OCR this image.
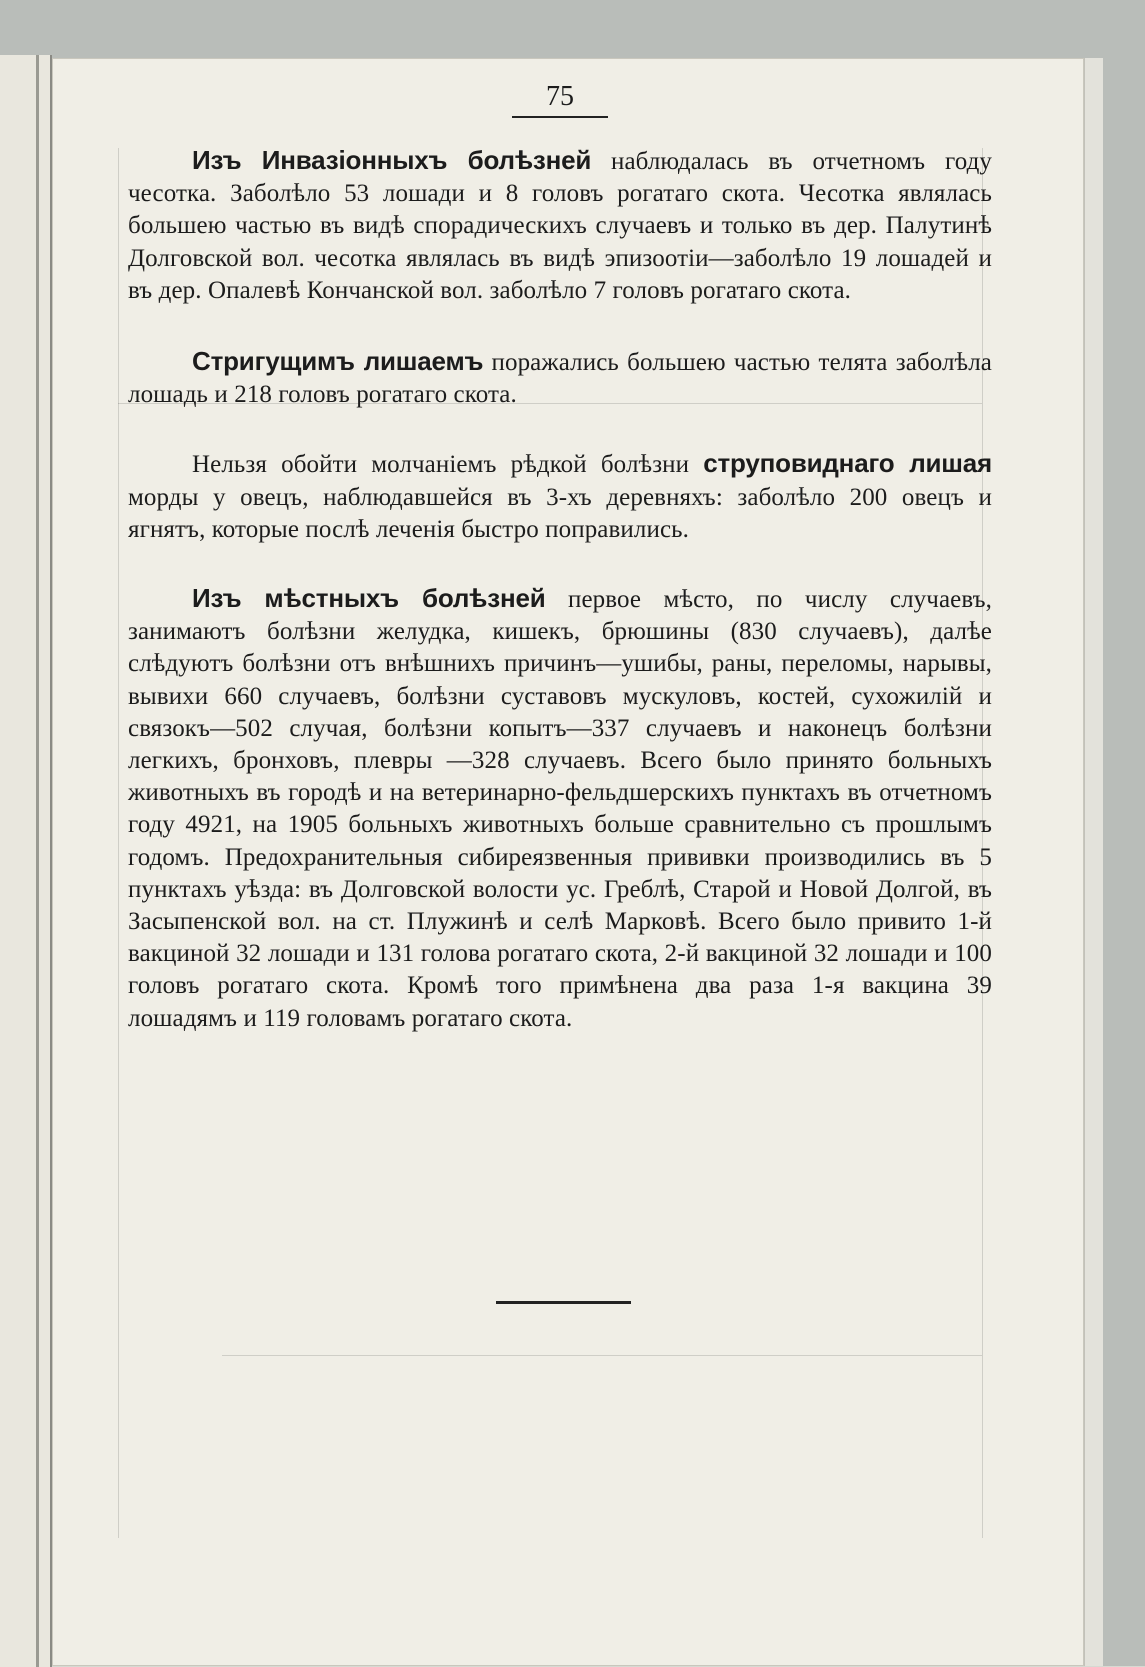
75

Изъ Инвазіонныхъ болѣзней наблюдалась въ отчетномъ году чесотка. Заболѣло 53 лошади и 8 головъ рогатаго скота. Чесотка являлась большею частью въ видѣ спорадическихъ случаевъ и только въ дер. Палутинѣ Долговской вол. чесотка являлась въ видѣ эпизоотіи—заболѣло 19 лошадей и въ дер. Опалевѣ Кончанской вол. заболѣло 7 головъ рогатаго скота.

Стригущимъ лишаемъ поражались большею частью телята заболѣла лошадь и 218 головъ рогатаго скота.

Нельзя обойти молчаніемъ рѣдкой болѣзни струповиднаго лишая морды у овецъ, наблюдавшейся въ 3-хъ деревняхъ: заболѣло 200 овецъ и ягнятъ, которые послѣ леченія быстро поправились.

Изъ мѣстныхъ болѣзней первое мѣсто, по числу случаевъ, занимаютъ болѣзни желудка, кишекъ, брюшины (830 случаевъ), далѣе слѣдуютъ болѣзни отъ внѣшнихъ причинъ—ушибы, раны, переломы, нарывы, вывихи 660 случаевъ, болѣзни суставовъ мускуловъ, костей, сухожилій и связокъ—502 случая, болѣзни копытъ—337 случаевъ и наконецъ болѣзни легкихъ, бронховъ, плевры —328 случаевъ. Всего было принято больныхъ животныхъ въ городѣ и на ветеринарно-фельдшерскихъ пунктахъ въ отчетномъ году 4921, на 1905 больныхъ животныхъ больше сравнительно съ прошлымъ годомъ. Предохранительныя сибиреязвенныя прививки производились въ 5 пунктахъ уѣзда: въ Долговской волости ус. Греблѣ, Старой и Новой Долгой, въ Засыпенской вол. на ст. Плужинѣ и селѣ Марковѣ. Всего было привито 1-й вакциной 32 лошади и 131 голова рогатаго скота, 2-й вакциной 32 лошади и 100 головъ рогатаго скота. Кромѣ того примѣнена два раза 1-я вакцина 39 лошадямъ и 119 головамъ рогатаго скота.
